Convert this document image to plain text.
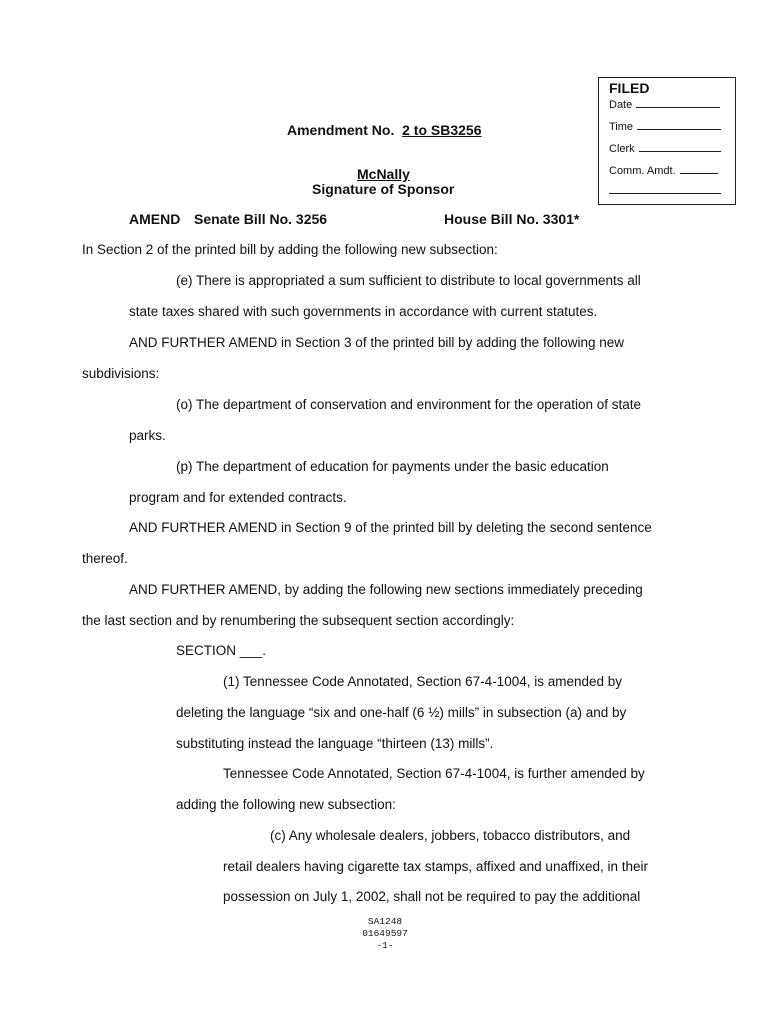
FILED
Date
Time
Clerk
Comm. Amdt.
Amendment No. 2 to SB3256
McNally
Signature of Sponsor
AMEND Senate Bill No. 3256	House Bill No. 3301*
In Section 2 of the printed bill by adding the following new subsection:
(e) There is appropriated a sum sufficient to distribute to local governments all
state taxes shared with such governments in accordance with current statutes.
AND FURTHER AMEND in Section 3 of the printed bill by adding the following new
subdivisions:
(o) The department of conservation and environment for the operation of state
parks.
(p) The department of education for payments under the basic education
program and for extended contracts.
AND FURTHER AMEND in Section 9 of the printed bill by deleting the second sentence
thereof.
AND FURTHER AMEND, by adding the following new sections immediately preceding
the last section and by renumbering the subsequent section accordingly:
SECTION ___.
(1) Tennessee Code Annotated, Section 67-4-1004, is amended by
deleting the language “six and one-half (6 ½) mills” in subsection (a) and by
substituting instead the language “thirteen (13) mills”.
Tennessee Code Annotated, Section 67-4-1004, is further amended by
adding the following new subsection:
(c) Any wholesale dealers, jobbers, tobacco distributors, and
retail dealers having cigarette tax stamps, affixed and unaffixed, in their
possession on July 1, 2002, shall not be required to pay the additional
SA1248
01649597
-1-
